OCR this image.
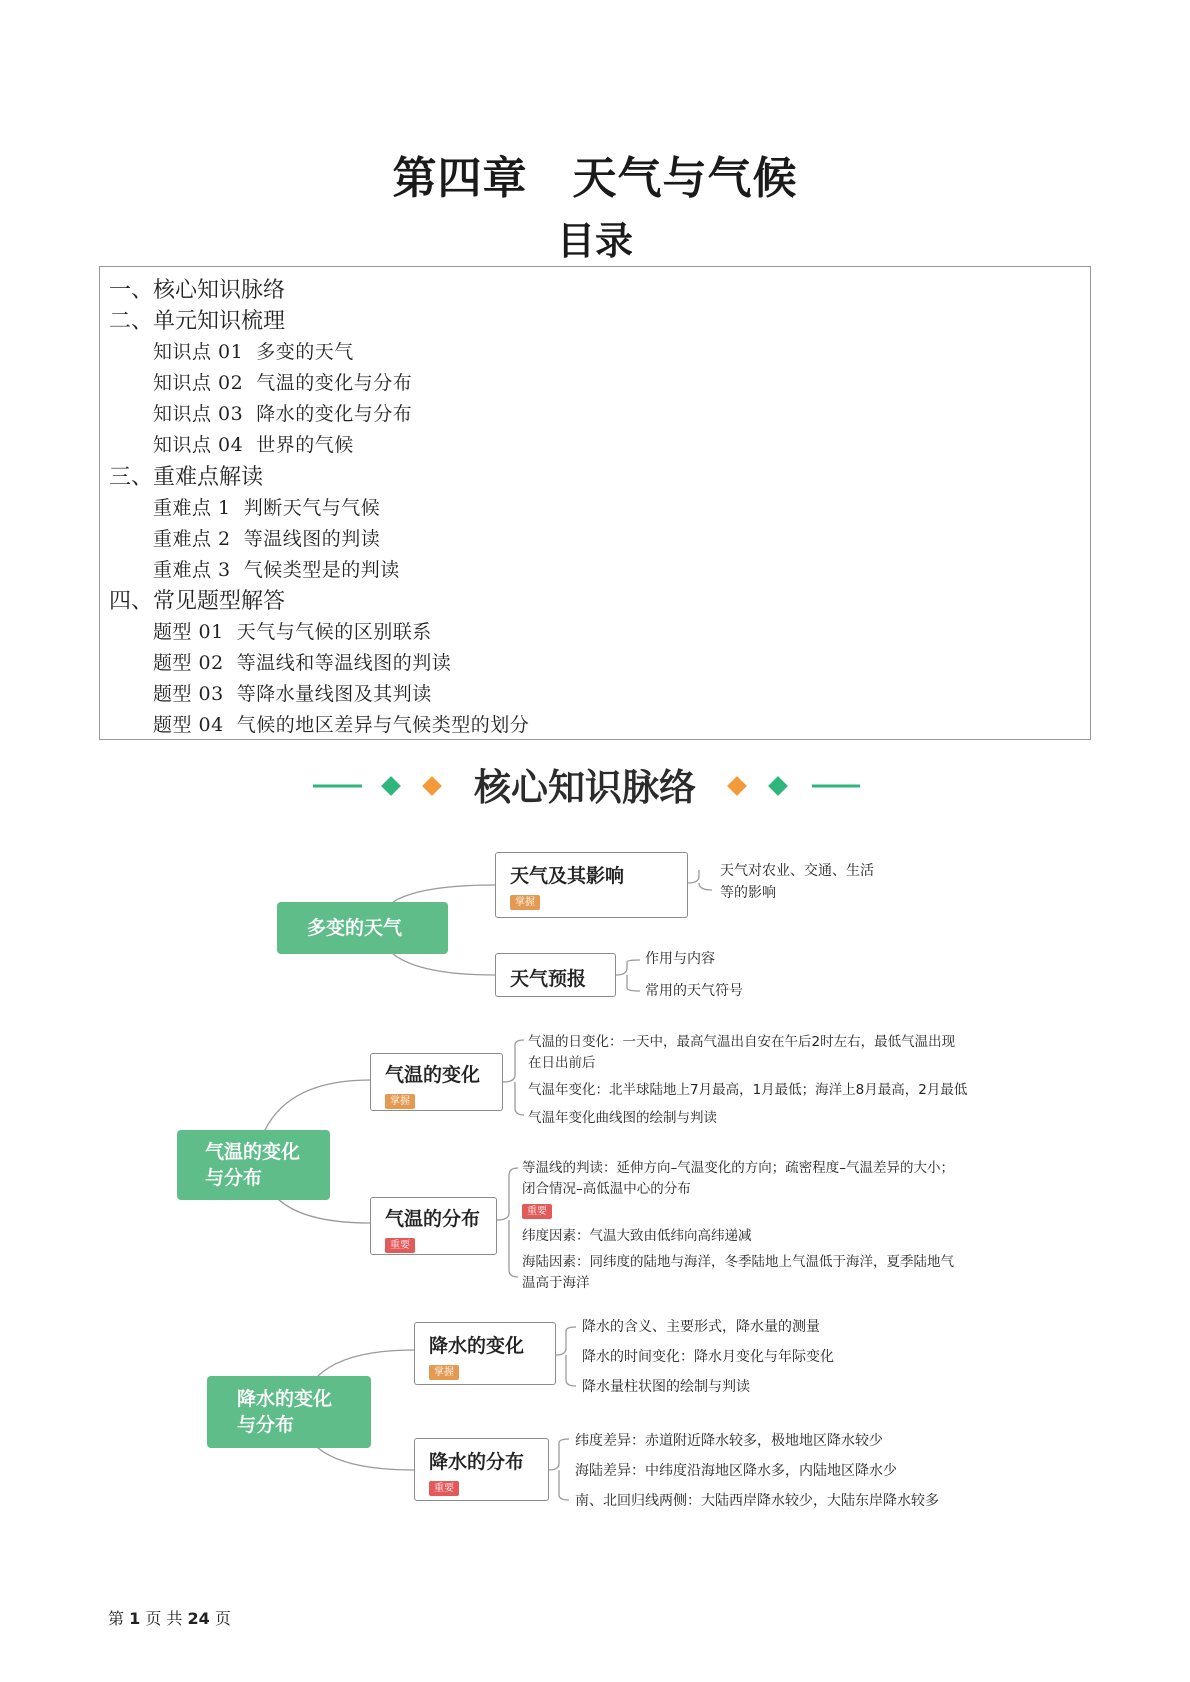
第四章　天气与气候
目录
一、核心知识脉络
二、单元知识梳理
知识点 01  多变的天气
知识点 02  气温的变化与分布
知识点 03  降水的变化与分布
知识点 04  世界的气候
三、重难点解读
重难点 1  判断天气与气候
重难点 2  等温线图的判读
重难点 3  气候类型是的判读
四、常见题型解答
题型 01  天气与气候的区别联系
题型 02  等温线和等温线图的判读
题型 03  等降水量线图及其判读
题型 04  气候的地区差异与气候类型的划分
核心知识脉络
多变的天气
天气及其影响
掌握
天气对农业、交通、生活
等的影响
天气预报
作用与内容
常用的天气符号
气温的变化
与分布
气温的变化
掌握
气温的日变化：一天中，最高气温出自安在午后2时左右，最低气温出现
在日出前后
气温年变化：北半球陆地上7月最高，1月最低；海洋上8月最高，2月最低
气温年变化曲线图的绘制与判读
气温的分布
重要
等温线的判读：延伸方向–气温变化的方向；疏密程度–气温差异的大小；
闭合情况–高低温中心的分布
重要
纬度因素：气温大致由低纬向高纬递减
海陆因素：同纬度的陆地与海洋，冬季陆地上气温低于海洋，夏季陆地气
温高于海洋
降水的变化
与分布
降水的变化
掌握
降水的含义、主要形式，降水量的测量
降水的时间变化：降水月变化与年际变化
降水量柱状图的绘制与判读
降水的分布
重要
纬度差异：赤道附近降水较多，极地地区降水较少
海陆差异：中纬度沿海地区降水多，内陆地区降水少
南、北回归线两侧：大陆西岸降水较少，大陆东岸降水较多
第 1 页 共 24 页
